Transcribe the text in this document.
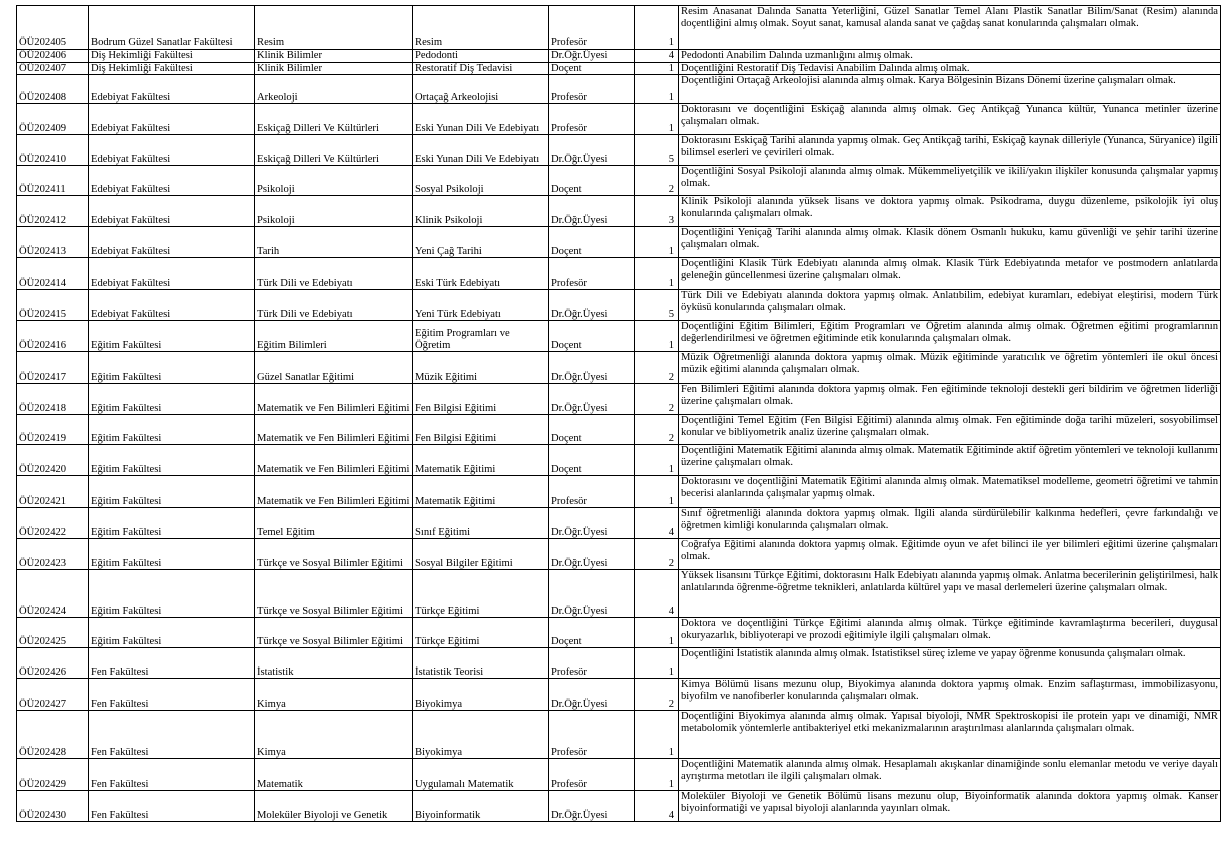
ÖÜ202405	Bodrum Güzel Sanatlar Fakültesi	Resim	Resim	Profesör	1	Resim Anasanat Dalında Sanatta Yeterliğini, Güzel Sanatlar Temel Alanı Plastik Sanatlar Bilim/Sanat (Resim) alanında doçentliğini almış olmak. Soyut sanat, kamusal alanda sanat ve çağdaş sanat konularında çalışmaları olmak.
ÖÜ202406	Diş Hekimliği Fakültesi	Klinik Bilimler	Pedodonti	Dr.Öğr.Üyesi	4	Pedodonti Anabilim Dalında uzmanlığını almış olmak.
ÖÜ202407	Diş Hekimliği Fakültesi	Klinik Bilimler	Restoratif Diş Tedavisi	Doçent	1	Doçentliğini Restoratif Diş Tedavisi Anabilim Dalında almış olmak.
ÖÜ202408	Edebiyat Fakültesi	Arkeoloji	Ortaçağ Arkeolojisi	Profesör	1	Doçentliğini Ortaçağ Arkeolojisi alanında almış olmak. Karya Bölgesinin Bizans Dönemi üzerine çalışmaları olmak.
ÖÜ202409	Edebiyat Fakültesi	Eskiçağ Dilleri Ve Kültürleri	Eski Yunan Dili Ve Edebiyatı	Profesör	1	Doktorasını ve doçentliğini Eskiçağ alanında almış olmak. Geç Antikçağ Yunanca kültür, Yunanca metinler üzerine çalışmaları olmak.
ÖÜ202410	Edebiyat Fakültesi	Eskiçağ Dilleri Ve Kültürleri	Eski Yunan Dili Ve Edebiyatı	Dr.Öğr.Üyesi	5	Doktorasını Eskiçağ Tarihi alanında yapmış olmak. Geç Antikçağ tarihi, Eskiçağ kaynak dilleriyle (Yunanca, Süryanice) ilgili bilimsel eserleri ve çevirileri olmak.
ÖÜ202411	Edebiyat Fakültesi	Psikoloji	Sosyal Psikoloji	Doçent	2	Doçentliğini Sosyal Psikoloji alanında almış olmak. Mükemmeliyetçilik ve ikili/yakın ilişkiler konusunda çalışmalar yapmış olmak.
ÖÜ202412	Edebiyat Fakültesi	Psikoloji	Klinik Psikoloji	Dr.Öğr.Üyesi	3	Klinik Psikoloji alanında yüksek lisans ve doktora yapmış olmak. Psikodrama, duygu düzenleme, psikolojik iyi oluş konularında çalışmaları olmak.
ÖÜ202413	Edebiyat Fakültesi	Tarih	Yeni Çağ Tarihi	Doçent	1	Doçentliğini Yeniçağ Tarihi alanında almış olmak. Klasik dönem Osmanlı hukuku, kamu güvenliği ve şehir tarihi üzerine çalışmaları olmak.
ÖÜ202414	Edebiyat Fakültesi	Türk Dili ve Edebiyatı	Eski Türk Edebiyatı	Profesör	1	Doçentliğini Klasik Türk Edebiyatı alanında almış olmak. Klasik Türk Edebiyatında metafor ve postmodern anlatılarda geleneğin güncellenmesi üzerine çalışmaları olmak.
ÖÜ202415	Edebiyat Fakültesi	Türk Dili ve Edebiyatı	Yeni Türk Edebiyatı	Dr.Öğr.Üyesi	5	Türk Dili ve Edebiyatı alanında doktora yapmış olmak. Anlatıbilim, edebiyat kuramları, edebiyat eleştirisi, modern Türk öyküsü konularında çalışmaları olmak.
ÖÜ202416	Eğitim Fakültesi	Eğitim Bilimleri	Eğitim Programları ve Öğretim	Doçent	1	Doçentliğini Eğitim Bilimleri, Eğitim Programları ve Öğretim alanında almış olmak. Öğretmen eğitimi programlarının değerlendirilmesi ve öğretmen eğitiminde etik konularında çalışmaları olmak.
ÖÜ202417	Eğitim Fakültesi	Güzel Sanatlar Eğitimi	Müzik Eğitimi	Dr.Öğr.Üyesi	2	Müzik Öğretmenliği alanında doktora yapmış olmak. Müzik eğitiminde yaratıcılık ve öğretim yöntemleri ile okul öncesi müzik eğitimi alanında çalışmaları olmak.
ÖÜ202418	Eğitim Fakültesi	Matematik ve Fen Bilimleri Eğitimi	Fen Bilgisi Eğitimi	Dr.Öğr.Üyesi	2	Fen Bilimleri Eğitimi alanında doktora yapmış olmak. Fen eğitiminde teknoloji destekli geri bildirim ve öğretmen liderliği üzerine çalışmaları olmak.
ÖÜ202419	Eğitim Fakültesi	Matematik ve Fen Bilimleri Eğitimi	Fen Bilgisi Eğitimi	Doçent	2	Doçentliğini Temel Eğitim (Fen Bilgisi Eğitimi) alanında almış olmak. Fen eğitiminde doğa tarihi müzeleri, sosyobilimsel konular ve bibliyometrik analiz üzerine çalışmaları olmak.
ÖÜ202420	Eğitim Fakültesi	Matematik ve Fen Bilimleri Eğitimi	Matematik Eğitimi	Doçent	1	Doçentliğini Matematik Eğitimi alanında almış olmak. Matematik Eğitiminde aktif öğretim yöntemleri ve teknoloji kullanımı üzerine çalışmaları olmak.
ÖÜ202421	Eğitim Fakültesi	Matematik ve Fen Bilimleri Eğitimi	Matematik Eğitimi	Profesör	1	Doktorasını ve doçentliğini Matematik Eğitimi alanında almış olmak. Matematiksel modelleme, geometri öğretimi ve tahmin becerisi alanlarında çalışmalar yapmış olmak.
ÖÜ202422	Eğitim Fakültesi	Temel Eğitim	Sınıf Eğitimi	Dr.Öğr.Üyesi	4	Sınıf öğretmenliği alanında doktora yapmış olmak. İlgili alanda sürdürülebilir kalkınma hedefleri, çevre farkındalığı ve öğretmen kimliği konularında çalışmaları olmak.
ÖÜ202423	Eğitim Fakültesi	Türkçe ve Sosyal Bilimler Eğitimi	Sosyal Bilgiler Eğitimi	Dr.Öğr.Üyesi	2	Coğrafya Eğitimi alanında doktora yapmış olmak. Eğitimde oyun ve afet bilinci ile yer bilimleri eğitimi üzerine çalışmaları olmak.
ÖÜ202424	Eğitim Fakültesi	Türkçe ve Sosyal Bilimler Eğitimi	Türkçe Eğitimi	Dr.Öğr.Üyesi	4	Yüksek lisansını Türkçe Eğitimi, doktorasını Halk Edebiyatı alanında yapmış olmak. Anlatma becerilerinin geliştirilmesi, halk anlatılarında öğrenme-öğretme teknikleri, anlatılarda kültürel yapı ve masal derlemeleri üzerine çalışmaları olmak.
ÖÜ202425	Eğitim Fakültesi	Türkçe ve Sosyal Bilimler Eğitimi	Türkçe Eğitimi	Doçent	1	Doktora ve doçentliğini Türkçe Eğitimi alanında almış olmak. Türkçe eğitiminde kavramlaştırma becerileri, duygusal okuryazarlık, bibliyoterapi ve prozodi eğitimiyle ilgili çalışmaları olmak.
ÖÜ202426	Fen Fakültesi	İstatistik	İstatistik Teorisi	Profesör	1	Doçentliğini İstatistik alanında almış olmak. İstatistiksel süreç izleme ve yapay öğrenme konusunda çalışmaları olmak.
ÖÜ202427	Fen Fakültesi	Kimya	Biyokimya	Dr.Öğr.Üyesi	2	Kimya Bölümü lisans mezunu olup, Biyokimya alanında doktora yapmış olmak. Enzim saflaştırması, immobilizasyonu, biyofilm ve nanofiberler konularında çalışmaları olmak.
ÖÜ202428	Fen Fakültesi	Kimya	Biyokimya	Profesör	1	Doçentliğini Biyokimya alanında almış olmak. Yapısal biyoloji, NMR Spektroskopisi ile protein yapı ve dinamiği, NMR metabolomik yöntemlerle antibakteriyel etki mekanizmalarının araştırılması alanlarında çalışmaları olmak.
ÖÜ202429	Fen Fakültesi	Matematik	Uygulamalı Matematik	Profesör	1	Doçentliğini Matematik alanında almış olmak. Hesaplamalı akışkanlar dinamiğinde sonlu elemanlar metodu ve veriye dayalı ayrıştırma metotları ile ilgili çalışmaları olmak.
ÖÜ202430	Fen Fakültesi	Moleküler Biyoloji ve Genetik	Biyoinformatik	Dr.Öğr.Üyesi	4	Moleküler Biyoloji ve Genetik Bölümü lisans mezunu olup, Biyoinformatik alanında doktora yapmış olmak. Kanser biyoinformatiği ve yapısal biyoloji alanlarında yayınları olmak.
